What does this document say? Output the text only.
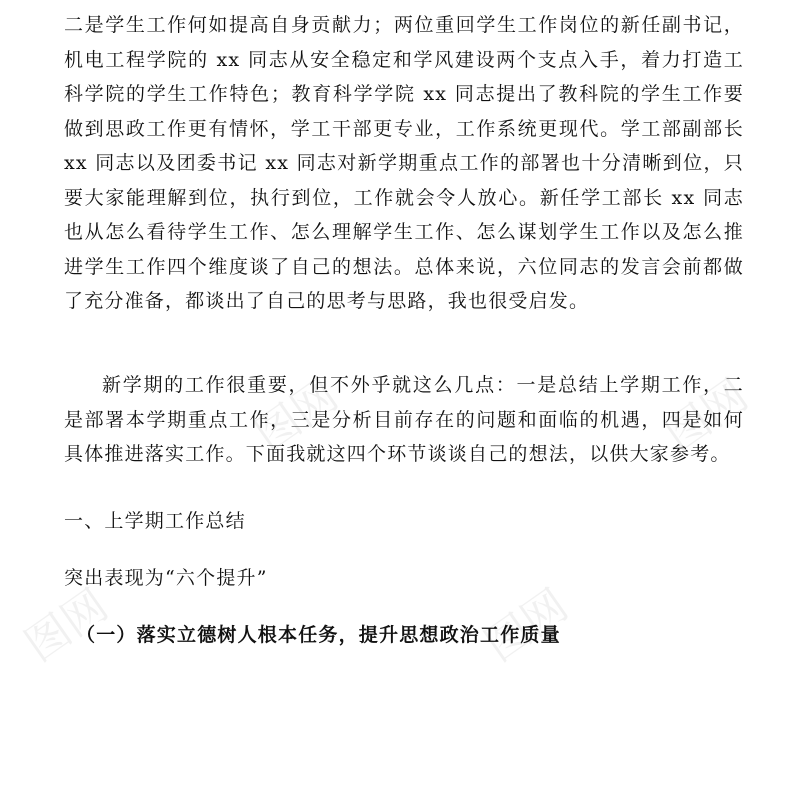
图网
图网
图网
图网
二是学生工作何如提高自身贡献力；两位重回学生工作岗位的新任副书记，机电工程学院的 xx 同志从安全稳定和学风建设两个支点入手，着力打造工科学院的学生工作特色；教育科学学院 xx 同志提出了教科院的学生工作要做到思政工作更有情怀，学工干部更专业，工作系统更现代。学工部副部长 xx 同志以及团委书记 xx 同志对新学期重点工作的部署也十分清晰到位，只要大家能理解到位，执行到位，工作就会令人放心。新任学工部长 xx 同志也从怎么看待学生工作、怎么理解学生工作、怎么谋划学生工作以及怎么推进学生工作四个维度谈了自己的想法。总体来说，六位同志的发言会前都做了充分准备，都谈出了自己的思考与思路，我也很受启发。
新学期的工作很重要，但不外乎就这么几点：一是总结上学期工作，二是部署本学期重点工作，三是分析目前存在的问题和面临的机遇，四是如何具体推进落实工作。下面我就这四个环节谈谈自己的想法，以供大家参考。
一、上学期工作总结
突出表现为“六个提升”
（一）落实立德树人根本任务，提升思想政治工作质量
